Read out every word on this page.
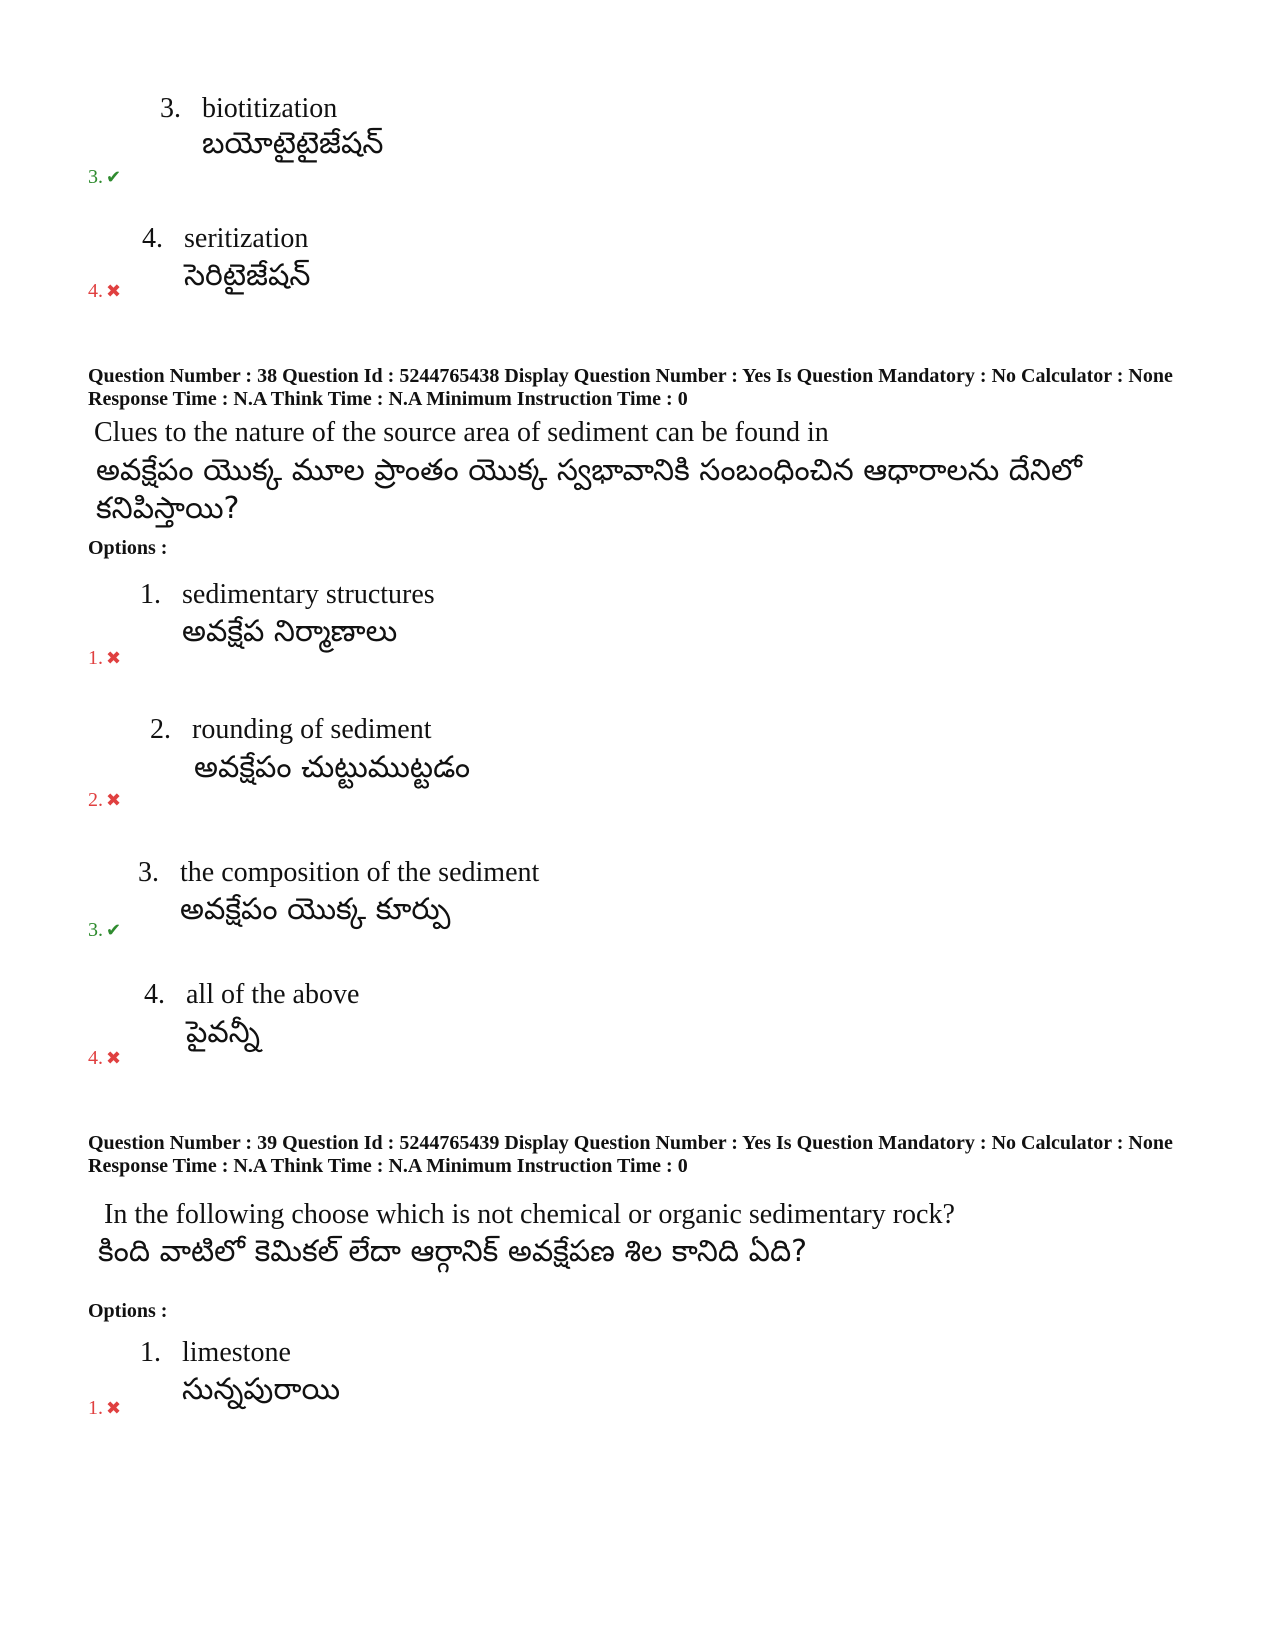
3. biotitization
బయోటైటైజేషన్
3. ✔
4. seritization
సెరిటైజేషన్
4. ✖
Question Number : 38 Question Id : 5244765438 Display Question Number : Yes Is Question Mandatory : No Calculator : None Response Time : N.A Think Time : N.A Minimum Instruction Time : 0
Clues to the nature of the source area of sediment can be found in
అవక్షేపం యొక్క మూల ప్రాంతం యొక్క స్వభావానికి సంబంధించిన ఆధారాలను దేనిలో కనిపిస్తాయి?
Options :
1. sedimentary structures
అవక్షేప నిర్మాణాలు
1. ✖
2. rounding of sediment
అవక్షేపం చుట్టుముట్టడం
2. ✖
3. the composition of the sediment
అవక్షేపం యొక్క కూర్పు
3. ✔
4. all of the above
పైవన్నీ
4. ✖
Question Number : 39 Question Id : 5244765439 Display Question Number : Yes Is Question Mandatory : No Calculator : None Response Time : N.A Think Time : N.A Minimum Instruction Time : 0
In the following choose which is not chemical or organic sedimentary rock?
కింది వాటిలో కెమికల్ లేదా ఆర్గానిక్ అవక్షేపణ శిల కానిది ఏది?
Options :
1. limestone
సున్నపురాయి
1. ✖
